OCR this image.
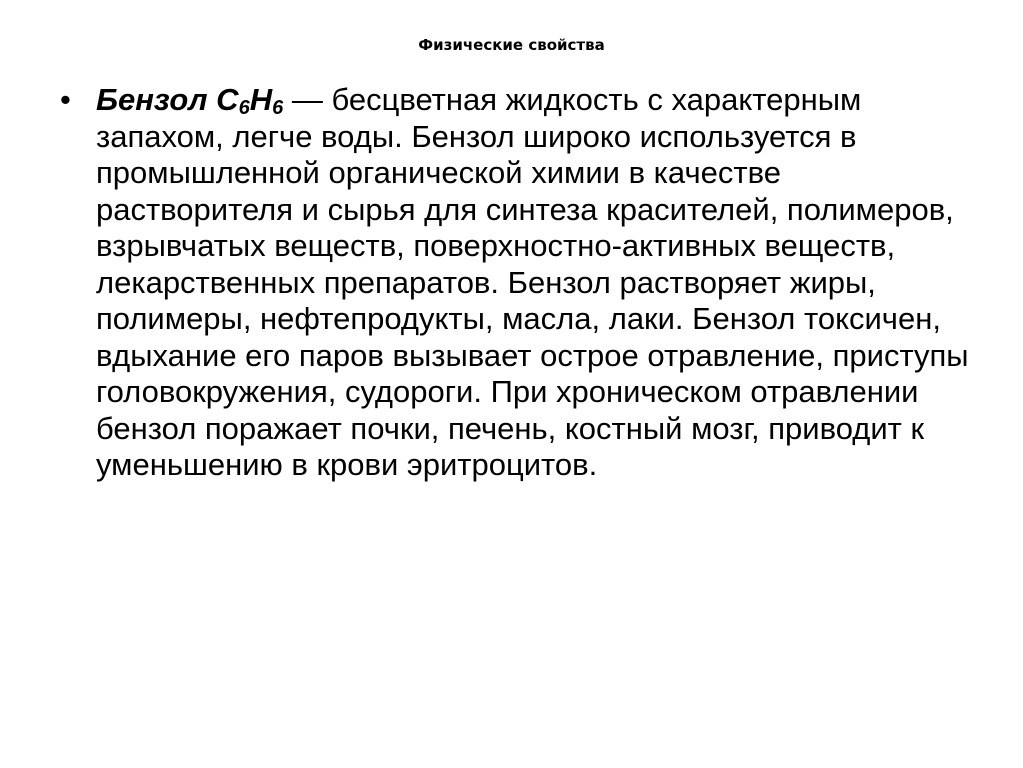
Физические свойства
• Бензол $C_6H_6$ — бесцветная жидкость с характерным запахом, легче воды. Бензол широко используется в промышленной органической химии в качестве растворителя и сырья для синтеза красителей, полимеров, взрывчатых веществ, поверхностно-активных веществ, лекарственных препаратов. Бензол растворяет жиры, полимеры, нефтепродукты, масла, лаки. Бензол токсичен, вдыхание его паров вызывает острое отравление, приступы головокружения, судороги. При хроническом отравлении бензол поражает почки, печень, костный мозг, приводит к уменьшению в крови эритроцитов.
